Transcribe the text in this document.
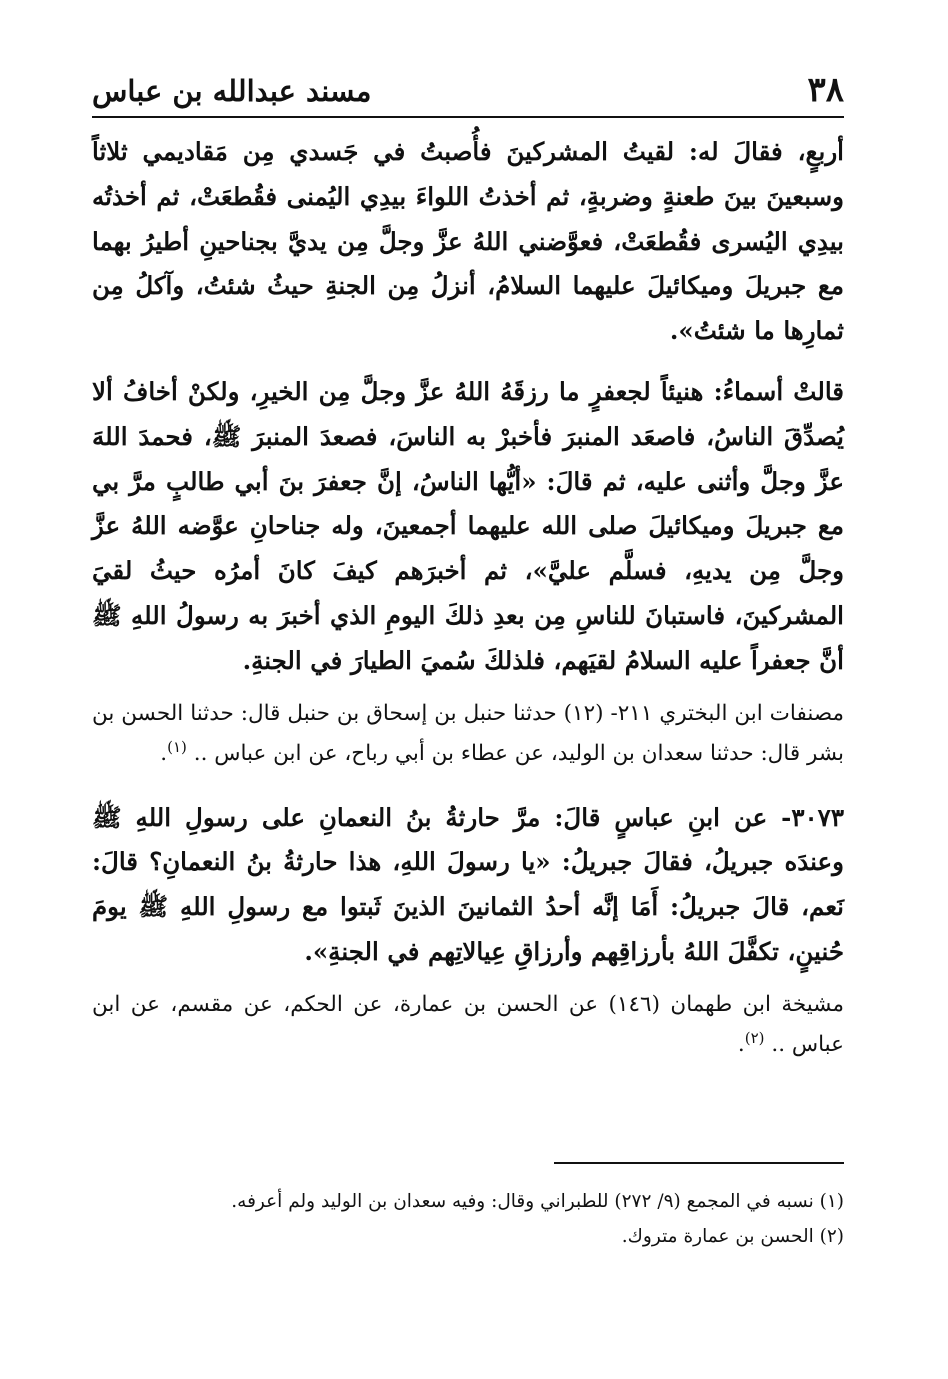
٣٨
مسند عبدالله بن عباس

أربعٍ، فقالَ له: لقيتُ المشركينَ فأُصبتُ في جَسدي مِن مَقاديمي ثلاثاً وسبعينَ بينَ طعنةٍ وضربةٍ، ثم أخذتُ اللواءَ بيدِي اليُمنى فقُطعَتْ، ثم أخذتُه بيدِي اليُسرى فقُطعَتْ، فعوَّضني اللهُ عزَّ وجلَّ مِن يديَّ بجناحينِ أطيرُ بهما مع جبريلَ وميكائيلَ عليهما السلامُ، أنزلُ مِن الجنةِ حيثُ شئتُ، وآكلُ مِن ثمارِها ما شئتُ».

قالتْ أسماءُ: هنيئاً لجعفرٍ ما رزقَهُ اللهُ عزَّ وجلَّ مِن الخيرِ، ولكنْ أخافُ ألا يُصدِّقَ الناسُ، فاصعَد المنبرَ فأخبرْ به الناسَ، فصعدَ المنبرَ ﷺ، فحمدَ اللهَ عزَّ وجلَّ وأثنى عليه، ثم قالَ: «أيُّها الناسُ، إنَّ جعفرَ بنَ أبي طالبٍ مرَّ بي مع جبريلَ وميكائيلَ صلى الله عليهما أجمعينَ، وله جناحانِ عوَّضه اللهُ عزَّ وجلَّ مِن يديهِ، فسلَّم عليَّ»، ثم أخبرَهم كيفَ كانَ أمرُه حيثُ لقيَ المشركينَ، فاستبانَ للناسِ مِن بعدِ ذلكَ اليومِ الذي أخبرَ به رسولُ اللهِ ﷺ أنَّ جعفراً عليه السلامُ لقيَهم، فلذلكَ سُميَ الطيارَ في الجنةِ.

مصنفات ابن البختري ٢١١- (١٢) حدثنا حنبل بن إسحاق بن حنبل قال: حدثنا الحسن بن بشر قال: حدثنا سعدان بن الوليد، عن عطاء بن أبي رباح، عن ابن عباس .. $^{(١)}$.

٣٠٧٣- عن ابنِ عباسٍ قالَ: مرَّ حارثةُ بنُ النعمانِ على رسولِ اللهِ ﷺ وعندَه جبريلُ، فقالَ جبريلُ: «يا رسولَ اللهِ، هذا حارثةُ بنُ النعمانِ؟ قالَ: نَعم، قالَ جبريلُ: أَمَا إنَّه أحدُ الثمانينَ الذينَ ثَبتوا مع رسولِ اللهِ ﷺ يومَ حُنينٍ، تكفَّلَ اللهُ بأرزاقِهم وأرزاقِ عِيالاتِهم في الجنةِ».

مشيخة ابن طهمان (١٤٦) عن الحسن بن عمارة، عن الحكم، عن مقسم، عن ابن عباس .. $^{(٢)}$.

(١) نسبه في المجمع (٩/ ٢٧٢) للطبراني وقال: وفيه سعدان بن الوليد ولم أعرفه.

(٢) الحسن بن عمارة متروك.
